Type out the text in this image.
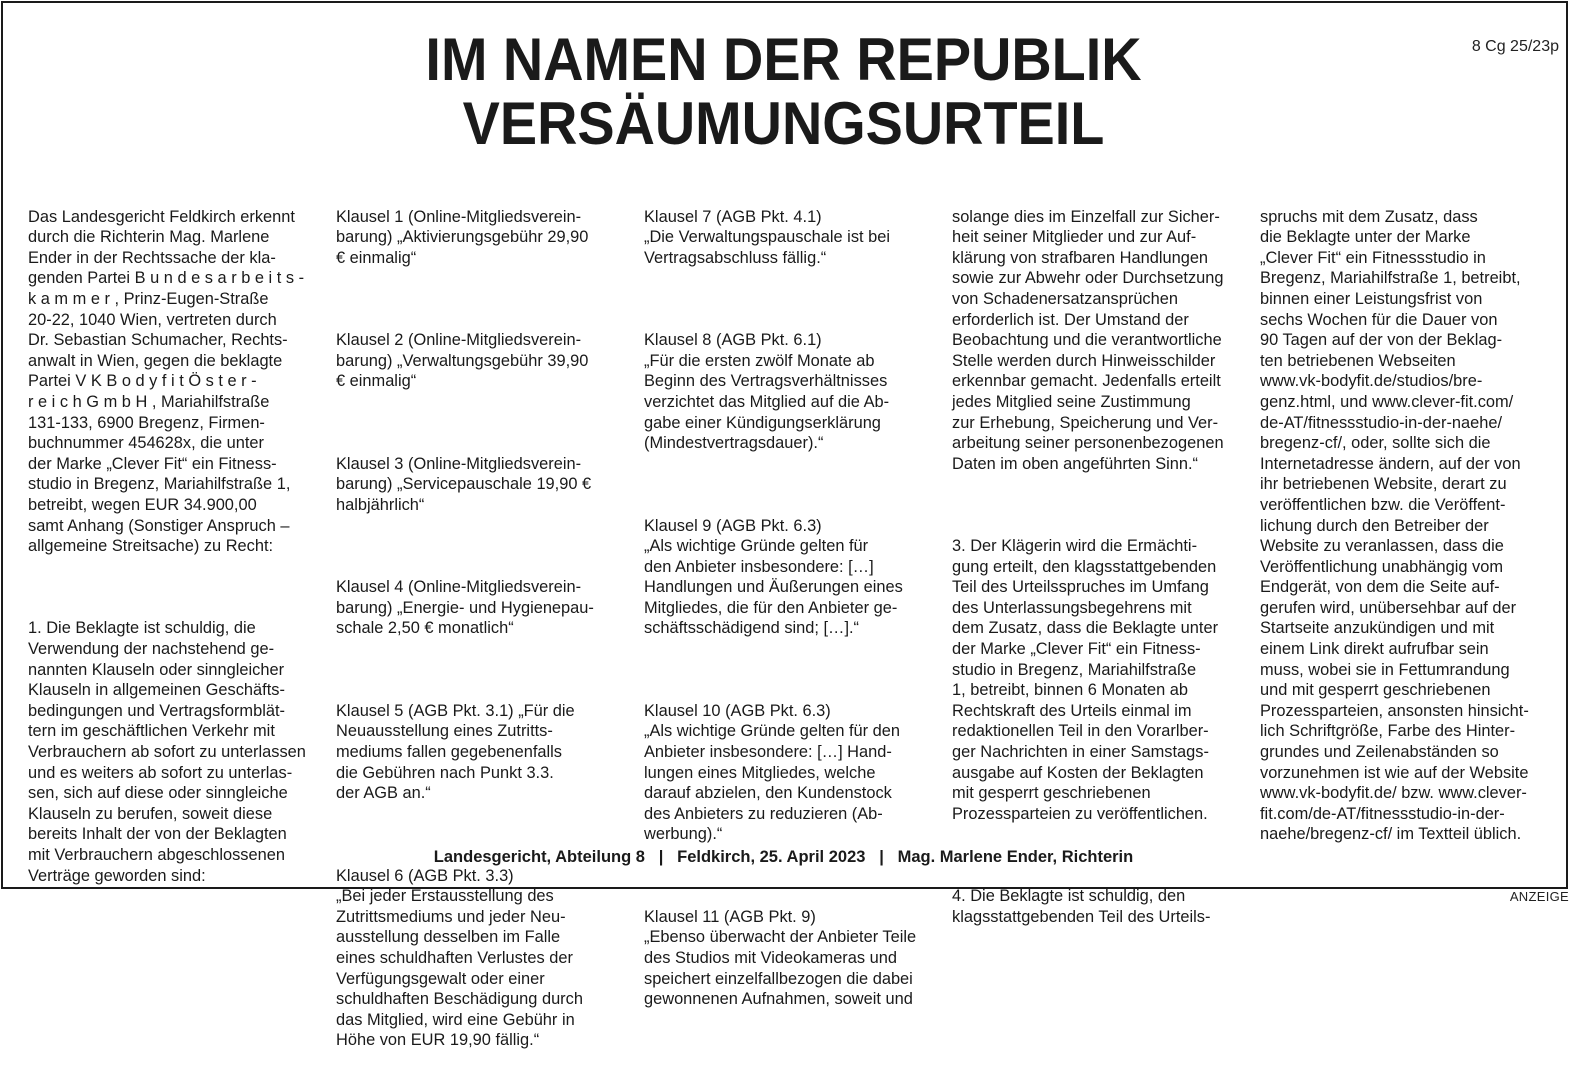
8 Cg 25/23p
IM NAMEN DER REPUBLIK
VERSÄUMUNGSURTEIL

Das Landesgericht Feldkirch erkennt
durch die Richterin Mag. Marlene
Ender in der Rechtssache der kla-
genden Partei B u n d e s a r b e i t s -
k a m m e r , Prinz-Eugen-Straße
20-22, 1040 Wien, vertreten durch
Dr. Sebastian Schumacher, Rechts-
anwalt in Wien, gegen die beklagte
Partei V K B o d y f i t Ö s t e r -
r e i c h G m b H , Mariahilfstraße
131-133, 6900 Bregenz, Firmen-
buchnummer 454628x, die unter
der Marke „Clever Fit“ ein Fitness-
studio in Bregenz, Mariahilfstraße 1,
betreibt, wegen EUR 34.900,00
samt Anhang (Sonstiger Anspruch –
allgemeine Streitsache) zu Recht:

1. Die Beklagte ist schuldig, die
Verwendung der nachstehend ge-
nannten Klauseln oder sinngleicher
Klauseln in allgemeinen Geschäfts-
bedingungen und Vertragsformblät-
tern im geschäftlichen Verkehr mit
Verbrauchern ab sofort zu unterlassen
und es weiters ab sofort zu unterlas-
sen, sich auf diese oder sinngleiche
Klauseln zu berufen, soweit diese
bereits Inhalt der von der Beklagten
mit Verbrauchern abgeschlossenen
Verträge geworden sind:

Klausel 1 (Online-Mitgliedsverein-
barung) „Aktivierungsgebühr 29,90
€ einmalig“

Klausel 2 (Online-Mitgliedsverein-
barung) „Verwaltungsgebühr 39,90
€ einmalig“

Klausel 3 (Online-Mitgliedsverein-
barung) „Servicepauschale 19,90 €
halbjährlich“

Klausel 4 (Online-Mitgliedsverein-
barung) „Energie- und Hygienepau-
schale 2,50 € monatlich“

Klausel 5 (AGB Pkt. 3.1) „Für die
Neuausstellung eines Zutritts-
mediums fallen gegebenenfalls
die Gebühren nach Punkt 3.3.
der AGB an.“

Klausel 6 (AGB Pkt. 3.3)
„Bei jeder Erstausstellung des
Zutrittsmediums und jeder Neu-
ausstellung desselben im Falle
eines schuldhaften Verlustes der
Verfügungsgewalt oder einer
schuldhaften Beschädigung durch
das Mitglied, wird eine Gebühr in
Höhe von EUR 19,90 fällig.“

Klausel 7 (AGB Pkt. 4.1)
„Die Verwaltungspauschale ist bei
Vertragsabschluss fällig.“

Klausel 8 (AGB Pkt. 6.1)
„Für die ersten zwölf Monate ab
Beginn des Vertragsverhältnisses
verzichtet das Mitglied auf die Ab-
gabe einer Kündigungserklärung
(Mindestvertragsdauer).“

Klausel 9 (AGB Pkt. 6.3)
„Als wichtige Gründe gelten für
den Anbieter insbesondere: […]
Handlungen und Äußerungen eines
Mitgliedes, die für den Anbieter ge-
schäftsschädigend sind; […].“

Klausel 10 (AGB Pkt. 6.3)
„Als wichtige Gründe gelten für den
Anbieter insbesondere: […] Hand-
lungen eines Mitgliedes, welche
darauf abzielen, den Kundenstock
des Anbieters zu reduzieren (Ab-
werbung).“

Klausel 11 (AGB Pkt. 9)
„Ebenso überwacht der Anbieter Teile
des Studios mit Videokameras und
speichert einzelfallbezogen die dabei
gewonnenen Aufnahmen, soweit und

solange dies im Einzelfall zur Sicher-
heit seiner Mitglieder und zur Auf-
klärung von strafbaren Handlungen
sowie zur Abwehr oder Durchsetzung
von Schadenersatzansprüchen
erforderlich ist. Der Umstand der
Beobachtung und die verantwortliche
Stelle werden durch Hinweisschilder
erkennbar gemacht. Jedenfalls erteilt
jedes Mitglied seine Zustimmung
zur Erhebung, Speicherung und Ver-
arbeitung seiner personenbezogenen
Daten im oben angeführten Sinn.“

3. Der Klägerin wird die Ermächti-
gung erteilt, den klagsstattgebenden
Teil des Urteilsspruches im Umfang
des Unterlassungsbegehrens mit
dem Zusatz, dass die Beklagte unter
der Marke „Clever Fit“ ein Fitness-
studio in Bregenz, Mariahilfstraße
1, betreibt, binnen 6 Monaten ab
Rechtskraft des Urteils einmal im
redaktionellen Teil in den Vorarlber-
ger Nachrichten in einer Samstags-
ausgabe auf Kosten der Beklagten
mit gesperrt geschriebenen
Prozessparteien zu veröffentlichen.

4. Die Beklagte ist schuldig, den
klagsstattgebenden Teil des Urteils-

spruchs mit dem Zusatz, dass
die Beklagte unter der Marke
„Clever Fit“ ein Fitnessstudio in
Bregenz, Mariahilfstraße 1, betreibt,
binnen einer Leistungsfrist von
sechs Wochen für die Dauer von
90 Tagen auf der von der Beklag-
ten betriebenen Webseiten
www.vk-bodyfit.de/studios/bre-
genz.html, und www.clever-fit.com/
de-AT/fitnessstudio-in-der-naehe/
bregenz-cf/, oder, sollte sich die
Internetadresse ändern, auf der von
ihr betriebenen Website, derart zu
veröffentlichen bzw. die Veröffent-
lichung durch den Betreiber der
Website zu veranlassen, dass die
Veröffentlichung unabhängig vom
Endgerät, von dem die Seite auf-
gerufen wird, unübersehbar auf der
Startseite anzukündigen und mit
einem Link direkt aufrufbar sein
muss, wobei sie in Fettumrandung
und mit gesperrt geschriebenen
Prozessparteien, ansonsten hinsicht-
lich Schriftgröße, Farbe des Hinter-
grundes und Zeilenabständen so
vorzunehmen ist wie auf der Website
www.vk-bodyfit.de/ bzw. www.clever-
fit.com/de-AT/fitnessstudio-in-der-
naehe/bregenz-cf/ im Textteil üblich.

Landesgericht, Abteilung 8 | Feldkirch, 25. April 2023 | Mag. Marlene Ender, Richterin
ANZEIGE
